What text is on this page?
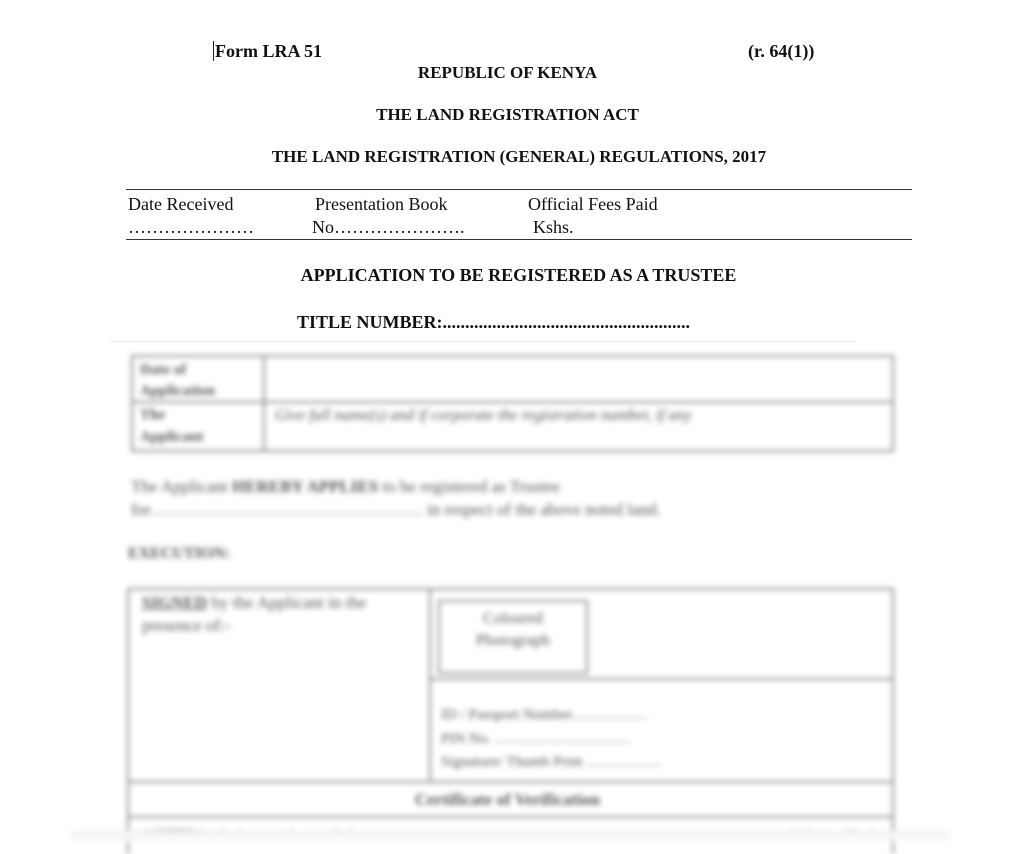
Form LRA 51	(r. 64(1))
REPUBLIC OF KENYA
THE LAND REGISTRATION ACT
THE LAND REGISTRATION (GENERAL) REGULATIONS, 2017
Date Received
…………………
Presentation Book
No………………….
Official Fees Paid
Kshs.
APPLICATION TO BE REGISTERED AS A TRUSTEE
TITLE NUMBER:.......................................................
Date of
Application
The
Applicant
Give full name(s) and if corporate the registration number, if any
The Applicant HEREBY APPLIES to be registered as Trustee
for………………………………………… in respect of the above noted land.
EXECUTION:
SIGNED by the Applicant in the
presence of:-	Coloured
Photograph
ID / Passport Number……………
PIN No. ………………………
Signature/ Thumb Print ……………
Certificate of Verification
